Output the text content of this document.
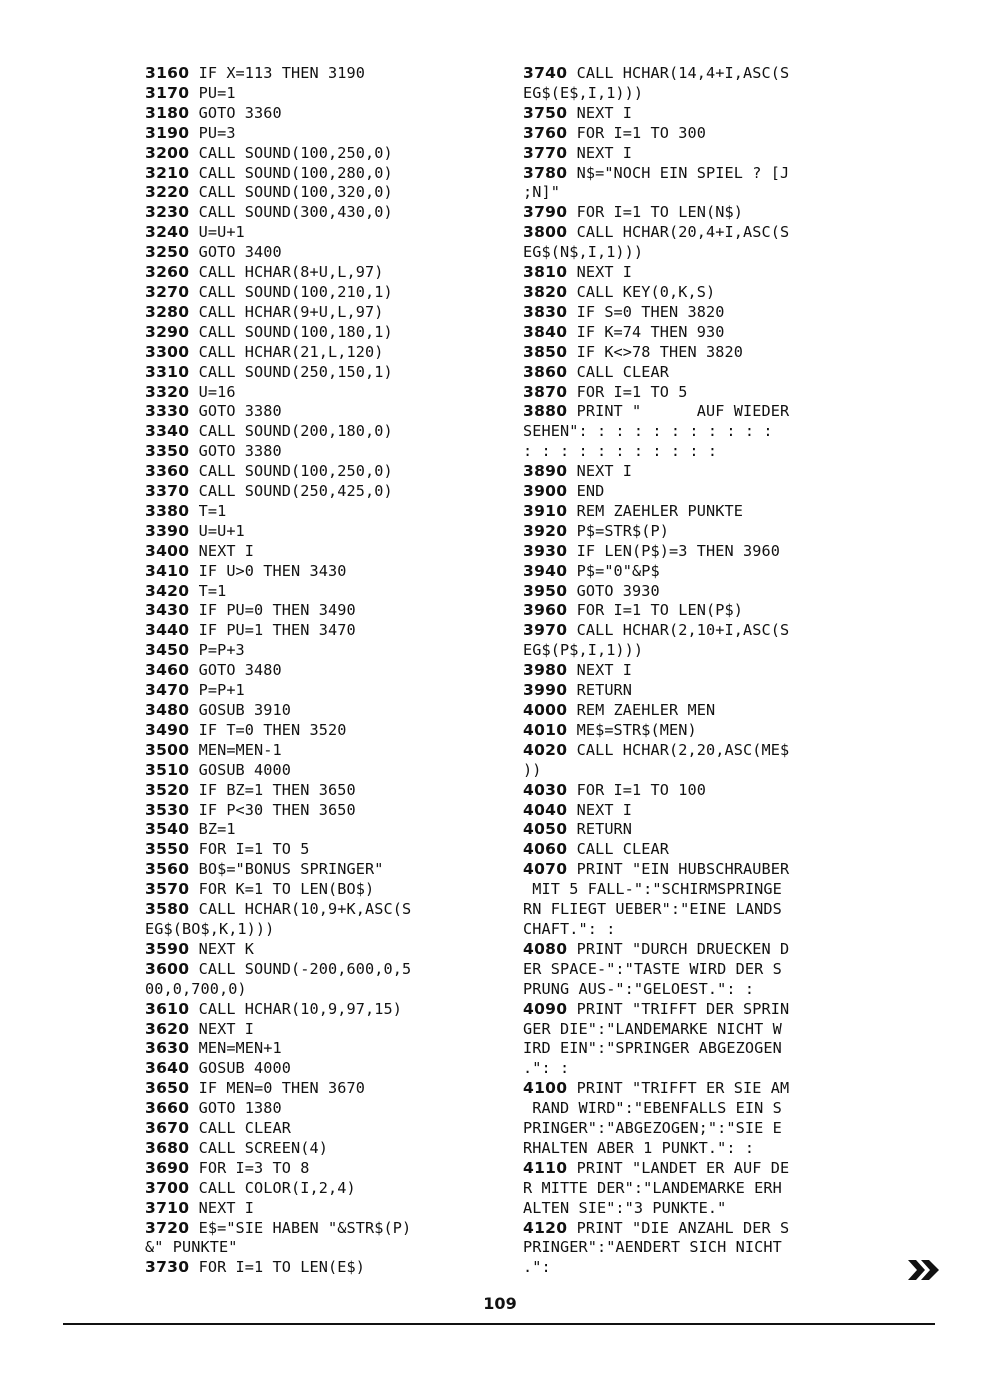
3160 IF X=113 THEN 3190
3170 PU=1
3180 GOTO 3360
3190 PU=3
3200 CALL SOUND(100,250,0)
3210 CALL SOUND(100,280,0)
3220 CALL SOUND(100,320,0)
3230 CALL SOUND(300,430,0)
3240 U=U+1
3250 GOTO 3400
3260 CALL HCHAR(8+U,L,97)
3270 CALL SOUND(100,210,1)
3280 CALL HCHAR(9+U,L,97)
3290 CALL SOUND(100,180,1)
3300 CALL HCHAR(21,L,120)
3310 CALL SOUND(250,150,1)
3320 U=16
3330 GOTO 3380
3340 CALL SOUND(200,180,0)
3350 GOTO 3380
3360 CALL SOUND(100,250,0)
3370 CALL SOUND(250,425,0)
3380 T=1
3390 U=U+1
3400 NEXT I
3410 IF U>0 THEN 3430
3420 T=1
3430 IF PU=0 THEN 3490
3440 IF PU=1 THEN 3470
3450 P=P+3
3460 GOTO 3480
3470 P=P+1
3480 GOSUB 3910
3490 IF T=0 THEN 3520
3500 MEN=MEN-1
3510 GOSUB 4000
3520 IF BZ=1 THEN 3650
3530 IF P<30 THEN 3650
3540 BZ=1
3550 FOR I=1 TO 5
3560 BO$="BONUS SPRINGER"
3570 FOR K=1 TO LEN(BO$)
3580 CALL HCHAR(10,9+K,ASC(S
EG$(BO$,K,1)))
3590 NEXT K
3600 CALL SOUND(-200,600,0,5
00,0,700,0)
3610 CALL HCHAR(10,9,97,15)
3620 NEXT I
3630 MEN=MEN+1
3640 GOSUB 4000
3650 IF MEN=0 THEN 3670
3660 GOTO 1380
3670 CALL CLEAR
3680 CALL SCREEN(4)
3690 FOR I=3 TO 8
3700 CALL COLOR(I,2,4)
3710 NEXT I
3720 E$="SIE HABEN "&STR$(P)
&" PUNKTE"
3730 FOR I=1 TO LEN(E$)
3740 CALL HCHAR(14,4+I,ASC(S
EG$(E$,I,1)))
3750 NEXT I
3760 FOR I=1 TO 300
3770 NEXT I
3780 N$="NOCH EIN SPIEL ? [J
;N]"
3790 FOR I=1 TO LEN(N$)
3800 CALL HCHAR(20,4+I,ASC(S
EG$(N$,I,1)))
3810 NEXT I
3820 CALL KEY(0,K,S)
3830 IF S=0 THEN 3820
3840 IF K=74 THEN 930
3850 IF K<>78 THEN 3820
3860 CALL CLEAR
3870 FOR I=1 TO 5
3880 PRINT "      AUF WIEDER
SEHEN": : : : : : : : : : :
: : : : : : : : : : :
3890 NEXT I
3900 END
3910 REM ZAEHLER PUNKTE
3920 P$=STR$(P)
3930 IF LEN(P$)=3 THEN 3960
3940 P$="0"&P$
3950 GOTO 3930
3960 FOR I=1 TO LEN(P$)
3970 CALL HCHAR(2,10+I,ASC(S
EG$(P$,I,1)))
3980 NEXT I
3990 RETURN
4000 REM ZAEHLER MEN
4010 ME$=STR$(MEN)
4020 CALL HCHAR(2,20,ASC(ME$
))
4030 FOR I=1 TO 100
4040 NEXT I
4050 RETURN
4060 CALL CLEAR
4070 PRINT "EIN HUBSCHRAUBER
MIT 5 FALL-":"SCHIRMSPRINGE
RN FLIEGT UEBER":"EINE LANDS
CHAFT.": :
4080 PRINT "DURCH DRUECKEN D
ER SPACE-":"TASTE WIRD DER S
PRUNG AUS-":"GELOEST.": :
4090 PRINT "TRIFFT DER SPRIN
GER DIE":"LANDEMARKE NICHT W
IRD EIN":"SPRINGER ABGEZOGEN
.": :
4100 PRINT "TRIFFT ER SIE AM
RAND WIRD":"EBENFALLS EIN S
PRINGER":"ABGEZOGEN;":"SIE E
RHALTEN ABER 1 PUNKT.": :
4110 PRINT "LANDET ER AUF DE
R MITTE DER":"LANDEMARKE ERH
ALTEN SIE":"3 PUNKTE."
4120 PRINT "DIE ANZAHL DER S
PRINGER":"AENDERT SICH NICHT
.":
109
